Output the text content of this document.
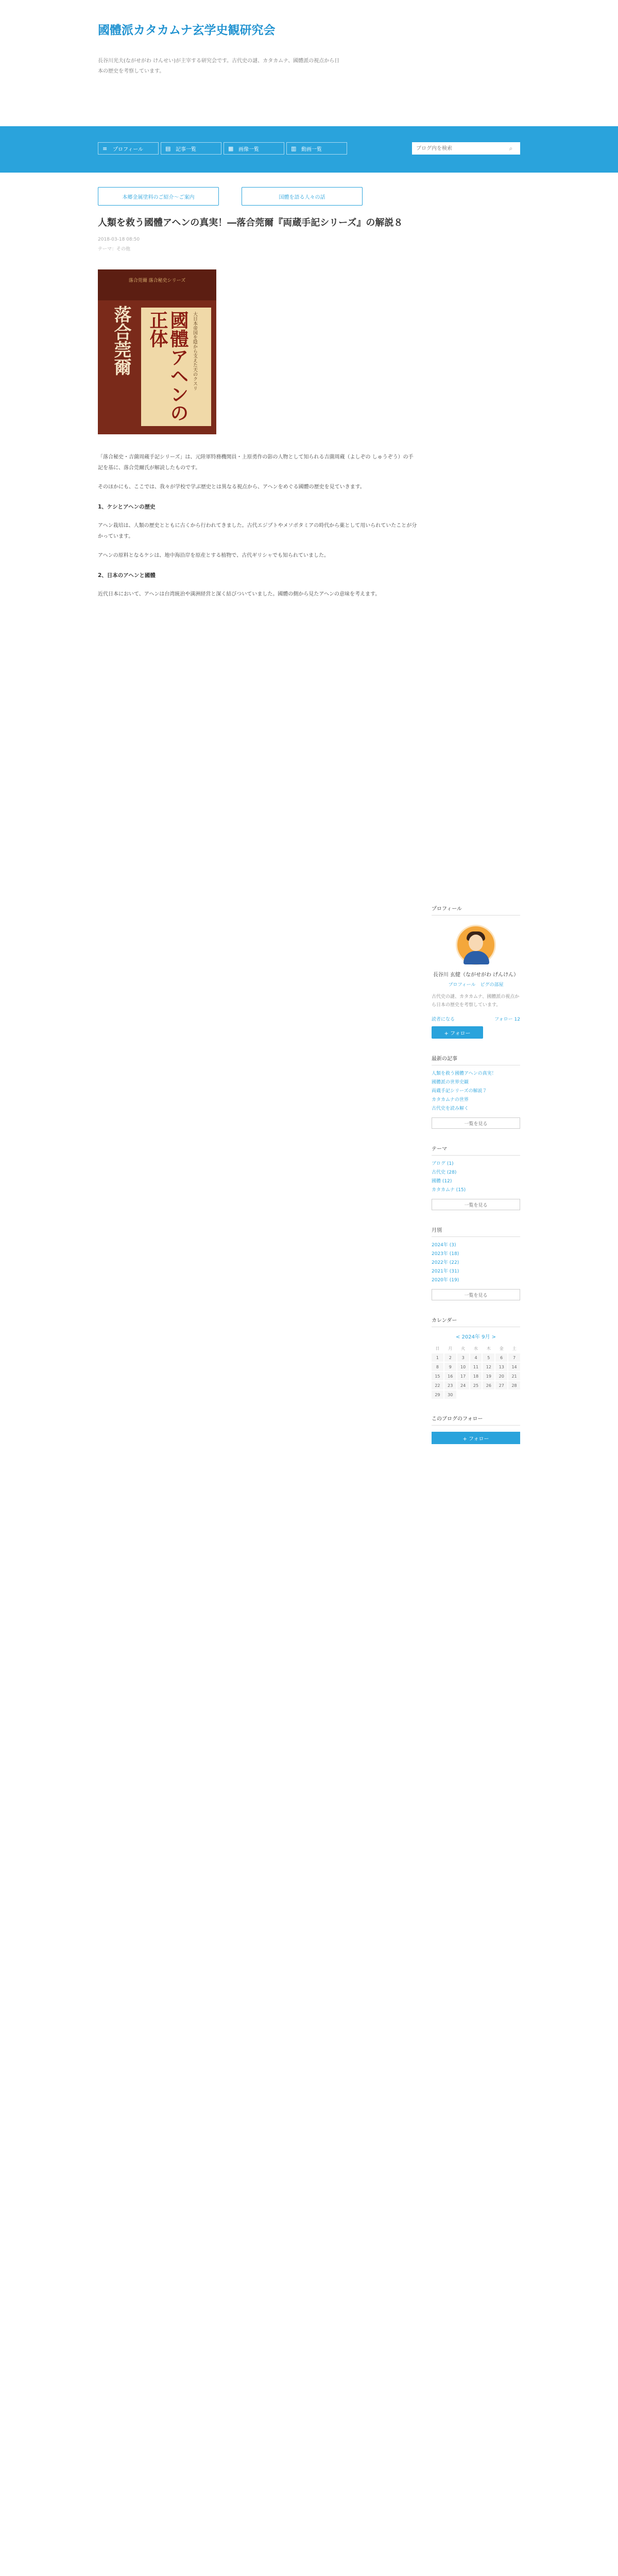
國體派カタカムナ玄学史観研究会
長谷川光夫(ながせがわ けんせい)が主宰する研究会です。古代史の謎、カタカムナ、國體派の視点から日本の歴史を考察しています。
≡	プロフィール	▤ 記事一覧	▦ 画像一覧	▥ 動画一覧
ブログ内を検索	⌕
本郷金属塗料のご紹介〜ご案内	国體を語る人々の話
人類を救う國體アヘンの真実！―落合莞爾『両蔵手記シリーズ』の解説８
2018-03-18 08:50
テーマ：その他
落合莞爾 落合秘史シリーズ
落合莞爾	國體アヘンの正体	大日本帝国を陰から支えた天のクスリ

「落合秘史・吉薗周蔵手記シリーズ」は、元陸軍特務機関員・上原勇作の影の人物として知られる吉薗周蔵（よしぞの しゅうぞう）の手記を基に、落合莞爾氏が解読したものです。

そのほかにも、ここでは、我々が学校で学ぶ歴史とは異なる視点から、アヘンをめぐる國體の歴史を見ていきます。

1、ケシとアヘンの歴史

アヘン栽培は、人類の歴史とともに古くから行われてきました。古代エジプトやメソポタミアの時代から薬として用いられていたことが分かっています。

アヘンの原料となるケシは、地中海沿岸を原産とする植物で、古代ギリシャでも知られていました。

2、日本のアヘンと國體

近代日本において、アヘンは台湾統治や満洲経営と深く結びついていました。國體の側から見たアヘンの意味を考えます。

プロフィール
長谷川 玄健（ながせがわ げんけん）
プロフィール　ピグの部屋
古代史の謎、カタカムナ、國體派の視点から日本の歴史を考察しています。
読者になる	フォロー 12
+ フォロー
最新の記事
人類を救う國體アヘンの真実！
國體派の世界史観
両蔵手記シリーズの解説７
カタカムナの世界
古代史を読み解く
一覧を見る
テーマ
ブログ (1)
古代史 (28)
國體 (12)
カタカムナ (15)
一覧を見る
月別
2024年 (3)
2023年 (18)
2022年 (22)
2021年 (31)
2020年 (19)
一覧を見る
カレンダー
< 2024年 9月 >
日	月	火	水	木	金	土
1	2	3	4	5	6	7
8	9	10	11	12	13	14
15	16	17	18	19	20	21
22	23	24	25	26	27	28
29	30
このブログのフォロー
+ フォロー
